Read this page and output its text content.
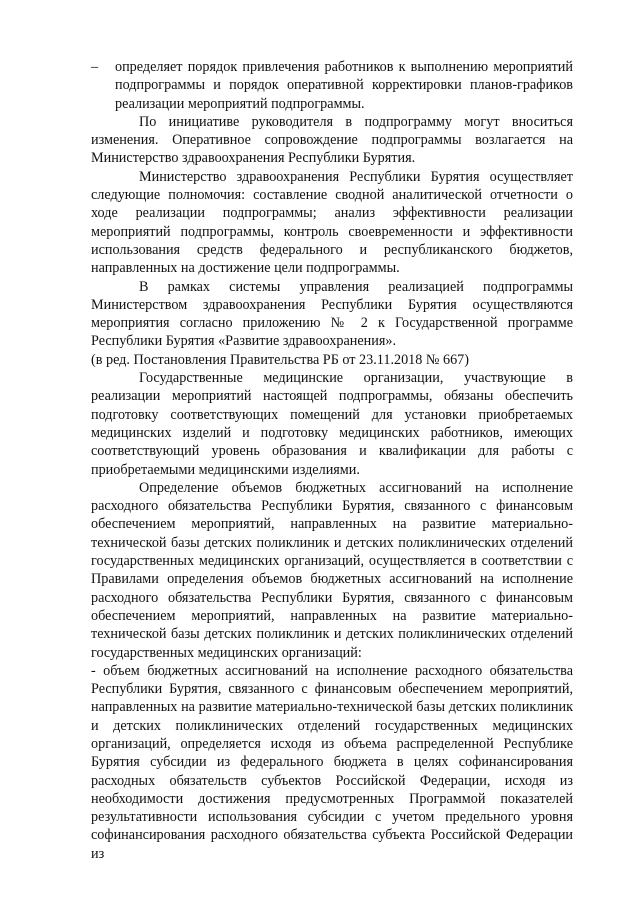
– определяет порядок привлечения работников к выполнению мероприятий подпрограммы и порядок оперативной корректировки планов-графиков реализации мероприятий подпрограммы.

По инициативе руководителя в подпрограмму могут вноситься изменения. Оперативное сопровождение подпрограммы возлагается на Министерство здравоохранения Республики Бурятия.

Министерство здравоохранения Республики Бурятия осуществляет следующие полномочия: составление сводной аналитической отчетности о ходе реализации подпрограммы; анализ эффективности реализации мероприятий подпрограммы, контроль своевременности и эффективности использования средств федерального и республиканского бюджетов, направленных на достижение цели подпрограммы.

В рамках системы управления реализацией подпрограммы Министерством здравоохранения Республики Бурятия осуществляются мероприятия согласно приложению № 2 к Государственной программе Республики Бурятия «Развитие здравоохранения».

(в ред. Постановления Правительства РБ от 23.11.2018 № 667)

Государственные медицинские организации, участвующие в реализации мероприятий настоящей подпрограммы, обязаны обеспечить подготовку соответствующих помещений для установки приобретаемых медицинских изделий и подготовку медицинских работников, имеющих соответствующий уровень образования и квалификации для работы с приобретаемыми медицинскими изделиями.

Определение объемов бюджетных ассигнований на исполнение расходного обязательства Республики Бурятия, связанного с финансовым обеспечением мероприятий, направленных на развитие материально-технической базы детских поликлиник и детских поликлинических отделений государственных медицинских организаций, осуществляется в соответствии с Правилами определения объемов бюджетных ассигнований на исполнение расходного обязательства Республики Бурятия, связанного с финансовым обеспечением мероприятий, направленных на развитие материально-технической базы детских поликлиник и детских поликлинических отделений государственных медицинских организаций:

- объем бюджетных ассигнований на исполнение расходного обязательства Республики Бурятия, связанного с финансовым обеспечением мероприятий, направленных на развитие материально-технической базы детских поликлиник и детских поликлинических отделений государственных медицинских организаций, определяется исходя из объема распределенной Республике Бурятия субсидии из федерального бюджета в целях софинансирования расходных обязательств субъектов Российской Федерации, исходя из необходимости достижения предусмотренных Программой показателей результативности использования субсидии с учетом предельного уровня софинансирования расходного обязательства субъекта Российской Федерации из
